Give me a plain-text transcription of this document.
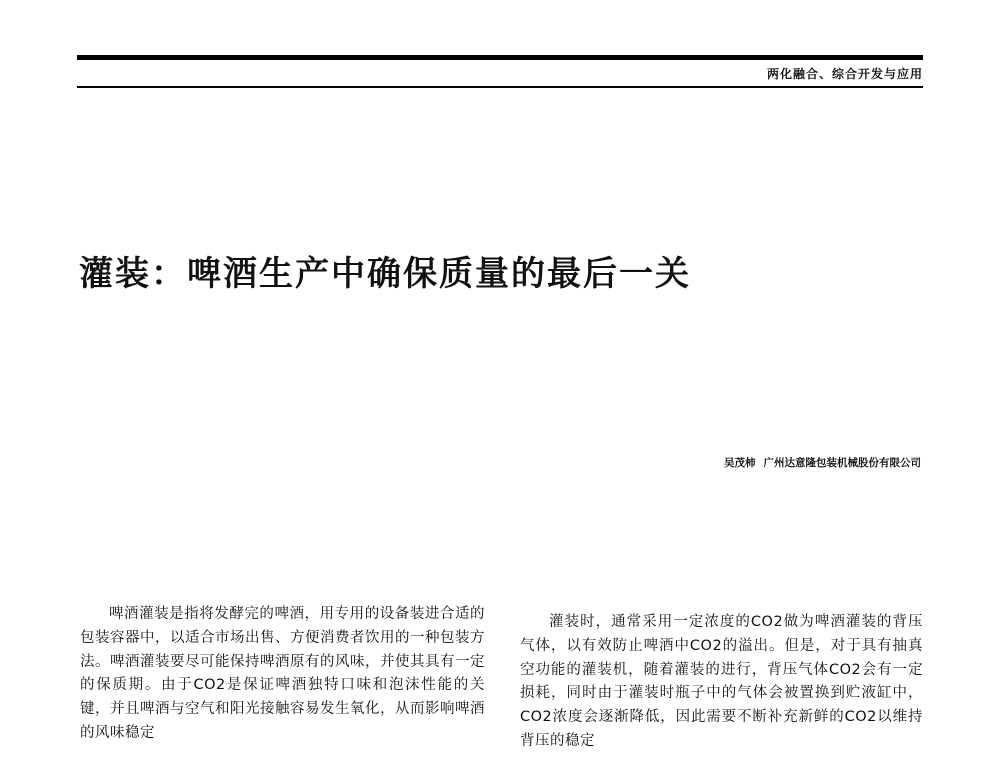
两化融合、综合开发与应用
灌装：啤酒生产中确保质量的最后一关
吴茂柿 广州达意隆包装机械股份有限公司

啤酒灌装是指将发酵完的啤酒，用专用的设备装进合适的包装容器中，以适合市场出售、方便消费者饮用的一种包装方法。啤酒灌装要尽可能保持啤酒原有的风味，并使其具有一定的保质期。由于CO2是保证啤酒独特口味和泡沫性能的关键，并且啤酒与空气和阳光接触容易发生氧化，从而影响啤酒的风味稳定

灌装时，通常采用一定浓度的CO2做为啤酒灌装的背压气体，以有效防止啤酒中CO2的溢出。但是，对于具有抽真空功能的灌装机，随着灌装的进行，背压气体CO2会有一定损耗，同时由于灌装时瓶子中的气体会被置换到贮液缸中，CO2浓度会逐渐降低，因此需要不断补充新鲜的CO2以维持背压的稳定
